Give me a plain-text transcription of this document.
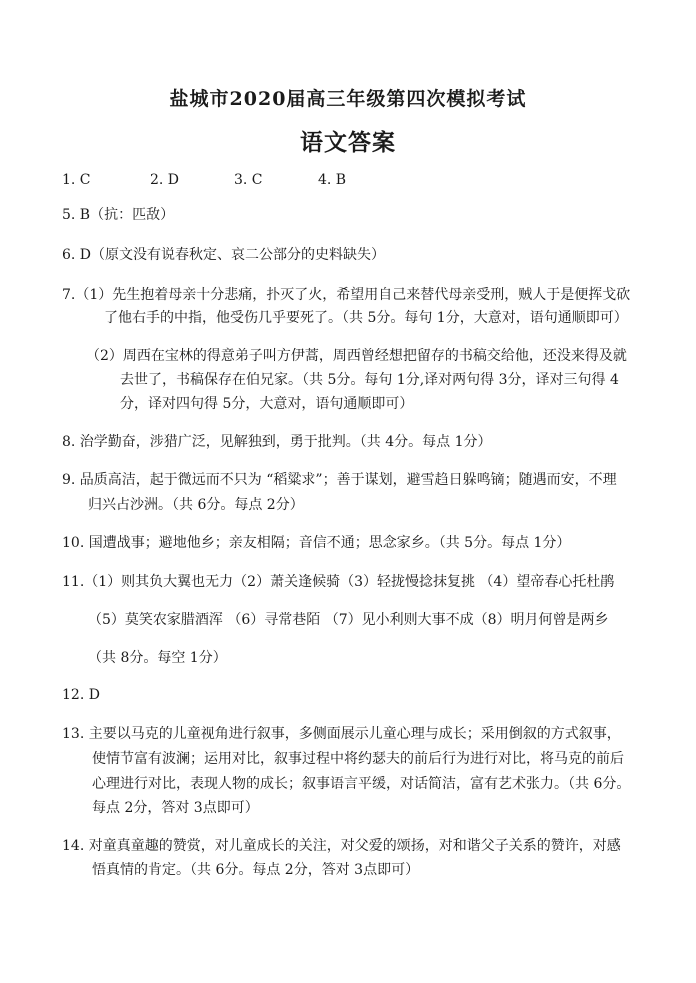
盐城市2020届高三年级第四次模拟考试
语文答案
1. C	2. D	3. C	4. B
5. B（抗：匹敌）
6. D（原文没有说春秋定、哀二公部分的史料缺失）
7.（1）先生抱着母亲十分悲痛，扑灭了火，希望用自己来替代母亲受刑，贼人于是便挥戈砍
了他右手的中指，他受伤几乎要死了。（共 5分。每句 1分，大意对，语句通顺即可）
（2）周西在宝林的得意弟子叫方伊蒿，周西曾经想把留存的书稿交给他，还没来得及就
去世了，书稿保存在伯兄家。（共 5分。每句 1分,译对两句得 3分，译对三句得 4
分，译对四句得 5分，大意对，语句通顺即可）
8. 治学勤奋，涉猎广泛，见解独到，勇于批判。（共 4分。每点 1分）
9. 品质高洁，起于微远而不只为 “稻粱求”；善于谋划，避雪趋日躲鸣镝；随遇而安，不理
归兴占沙洲。（共 6分。每点 2分）
10. 国遭战事；避地他乡；亲友相隔；音信不通；思念家乡。（共 5分。每点 1分）
11.（1）则其负大翼也无力（2）萧关逢候骑（3）轻拢慢捻抹复挑 （4）望帝春心托杜鹃
（5）莫笑农家腊酒浑 （6）寻常巷陌 （7）见小利则大事不成（8）明月何曾是两乡
（共 8分。每空 1分）
12. D
13. 主要以马克的儿童视角进行叙事，多侧面展示儿童心理与成长；采用倒叙的方式叙事，
使情节富有波澜；运用对比，叙事过程中将约瑟夫的前后行为进行对比，将马克的前后
心理进行对比，表现人物的成长；叙事语言平缓，对话简洁，富有艺术张力。（共 6分。
每点 2分，答对 3点即可）
14. 对童真童趣的赞赏，对儿童成长的关注，对父爱的颂扬，对和谐父子关系的赞许，对感
悟真情的肯定。（共 6分。每点 2分，答对 3点即可）
